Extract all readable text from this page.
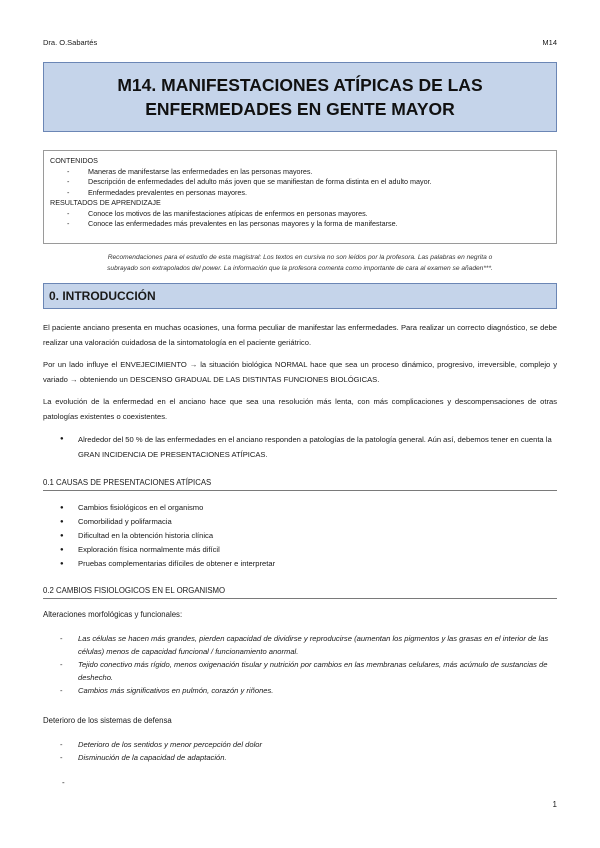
Dra. O.Sabartés	M14
M14. MANIFESTACIONES ATÍPICAS DE LAS
ENFERMEDADES EN GENTE MAYOR
CONTENIDOS
- Maneras de manifestarse las enfermedades en las personas mayores.
- Descripción de enfermedades del adulto más joven que se manifiestan de forma distinta en el adulto mayor.
- Enfermedades prevalentes en personas mayores.
RESULTADOS DE APRENDIZAJE
- Conoce los motivos de las manifestaciones atípicas de enfermos en personas mayores.
- Conoce las enfermedades más prevalentes en las personas mayores y la forma de manifestarse.
Recomendaciones para el estudio de esta magistral: Los textos en cursiva no son leídos por la profesora. Las palabras en negrita o
subrayado son extrapolados del power. La información que la profesora comenta como importante de cara al examen se añaden***.
0. INTRODUCCIÓN
El paciente anciano presenta en muchas ocasiones, una forma peculiar de manifestar las enfermedades. Para realizar un correcto diagnóstico, se debe realizar una valoración cuidadosa de la sintomatología en el paciente geriátrico.
Por un lado influye el ENVEJECIMIENTO → la situación biológica NORMAL hace que sea un proceso dinámico, progresivo, irreversible, complejo y variado → obteniendo un DESCENSO GRADUAL DE LAS DISTINTAS FUNCIONES BIOLÓGICAS.
La evolución de la enfermedad en el anciano hace que sea una resolución más lenta, con más complicaciones y descompensaciones de otras patologías existentes o coexistentes.
● Alrededor del 50 % de las enfermedades en el anciano responden a patologías de la patología general. Aún así, debemos tener en cuenta la GRAN INCIDENCIA DE PRESENTACIONES ATÍPICAS.
0.1 CAUSAS DE PRESENTACIONES ATÍPICAS
● Cambios fisiológicos en el organismo
● Comorbilidad y polifarmacia
● Dificultad en la obtención historia clínica
● Exploración física normalmente más difícil
● Pruebas complementarias difíciles de obtener e interpretar
0.2 CAMBIOS FISIOLOGICOS EN EL ORGANISMO
Alteraciones morfológicas y funcionales:
- Las células se hacen más grandes, pierden capacidad de dividirse y reproducirse (aumentan los pigmentos y las grasas en el interior de las células) menos de capacidad funcional / funcionamiento anormal.
- Tejido conectivo más rígido, menos oxigenación tisular y nutrición por cambios en las membranas celulares, más acúmulo de sustancias de deshecho.
- Cambios más significativos en pulmón, corazón y riñones.
Deterioro de los sistemas de defensa
- Deterioro de los sentidos y menor percepción del dolor
- Disminución de la capacidad de adaptación.
-
1
